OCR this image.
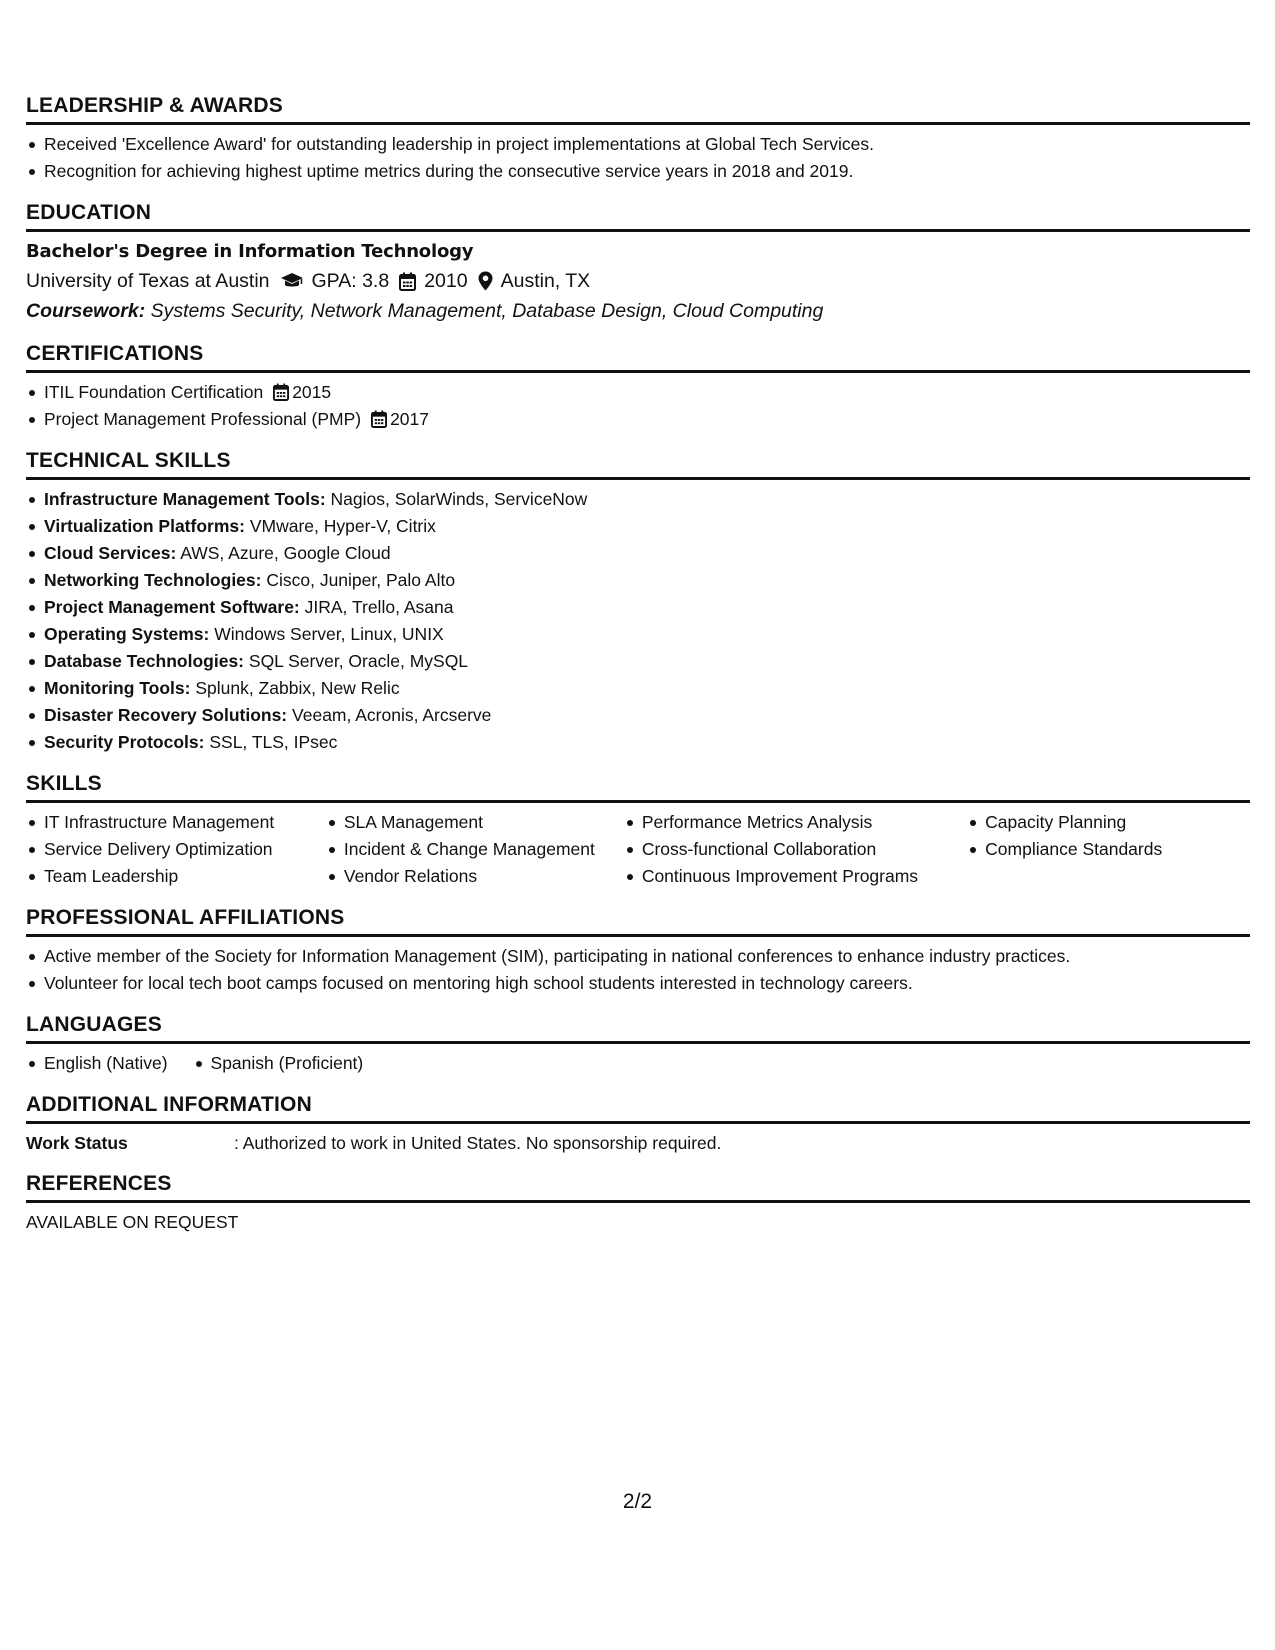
LEADERSHIP & AWARDS
Received 'Excellence Award' for outstanding leadership in project implementations at Global Tech Services.
Recognition for achieving highest uptime metrics during the consecutive service years in 2018 and 2019.
EDUCATION
Bachelor's Degree in Information Technology
University of Texas at Austin GPA: 3.8 2010 Austin, TX
Coursework: Systems Security, Network Management, Database Design, Cloud Computing
CERTIFICATIONS
ITIL Foundation Certification 2015
Project Management Professional (PMP) 2017
TECHNICAL SKILLS
Infrastructure Management Tools: Nagios, SolarWinds, ServiceNow
Virtualization Platforms: VMware, Hyper-V, Citrix
Cloud Services: AWS, Azure, Google Cloud
Networking Technologies: Cisco, Juniper, Palo Alto
Project Management Software: JIRA, Trello, Asana
Operating Systems: Windows Server, Linux, UNIX
Database Technologies: SQL Server, Oracle, MySQL
Monitoring Tools: Splunk, Zabbix, New Relic
Disaster Recovery Solutions: Veeam, Acronis, Arcserve
Security Protocols: SSL, TLS, IPsec
SKILLS
IT Infrastructure Management
Service Delivery Optimization
Team Leadership
SLA Management
Incident & Change Management
Vendor Relations
Performance Metrics Analysis
Cross-functional Collaboration
Continuous Improvement Programs
Capacity Planning
Compliance Standards
PROFESSIONAL AFFILIATIONS
Active member of the Society for Information Management (SIM), participating in national conferences to enhance industry practices.
Volunteer for local tech boot camps focused on mentoring high school students interested in technology careers.
LANGUAGES
English (Native) Spanish (Proficient)
ADDITIONAL INFORMATION
Work Status	: Authorized to work in United States. No sponsorship required.
REFERENCES
AVAILABLE ON REQUEST
2/2
